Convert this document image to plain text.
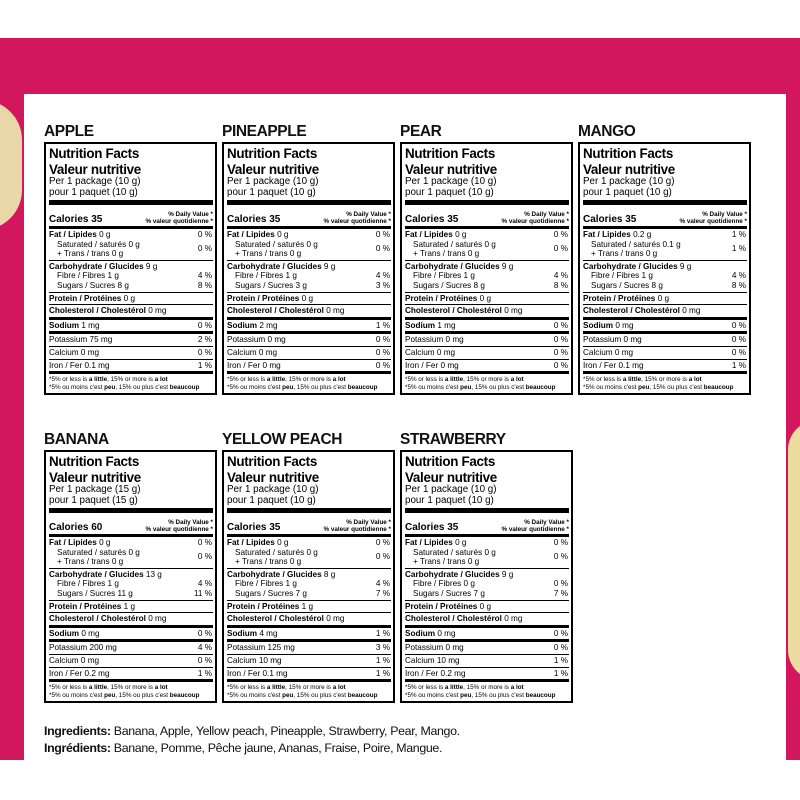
APPLE
Nutrition Facts
Valeur nutritive
Per 1 package (10 g)
pour 1 paquet (10 g)
Calories 35	% Daily Value *
% valeur quotidienne *
Fat / Lipides 0 g	0 %
Saturated / saturés 0 g
+ Trans / trans 0 g
0 %
Carbohydrate / Glucides 9 g
Fibre / Fibres 1 g	4 %
Sugars / Sucres 8 g	8 %
Protein / Protéines 0 g
Cholesterol / Cholestérol 0 mg
Sodium 1 mg	0 %
Potassium 75 mg	2 %
Calcium 0 mg	0 %
Iron / Fer 0.1 mg	1 %
*5% or less is a little, 15% or more is a lot
*5% ou moins c'est peu, 15% ou plus c'est beaucoup
PINEAPPLE
Nutrition Facts
Valeur nutritive
Per 1 package (10 g)
pour 1 paquet (10 g)
Calories 35	% Daily Value *
% valeur quotidienne *
Fat / Lipides 0 g	0 %
Saturated / saturés 0 g
+ Trans / trans 0 g
0 %
Carbohydrate / Glucides 9 g
Fibre / Fibres 1 g	4 %
Sugars / Sucres 3 g	3 %
Protein / Protéines 0 g
Cholesterol / Cholestérol 0 mg
Sodium 2 mg	1 %
Potassium 0 mg	0 %
Calcium 0 mg	0 %
Iron / Fer 0 mg	0 %
*5% or less is a little, 15% or more is a lot
*5% ou moins c'est peu, 15% ou plus c'est beaucoup
PEAR
Nutrition Facts
Valeur nutritive
Per 1 package (10 g)
pour 1 paquet (10 g)
Calories 35	% Daily Value *
% valeur quotidienne *
Fat / Lipides 0 g	0 %
Saturated / saturés 0 g
+ Trans / trans 0 g
0 %
Carbohydrate / Glucides 9 g
Fibre / Fibres 1 g	4 %
Sugars / Sucres 8 g	8 %
Protein / Protéines 0 g
Cholesterol / Cholestérol 0 mg
Sodium 1 mg	0 %
Potassium 0 mg	0 %
Calcium 0 mg	0 %
Iron / Fer 0 mg	0 %
*5% or less is a little, 15% or more is a lot
*5% ou moins c'est peu, 15% ou plus c'est beaucoup
MANGO
Nutrition Facts
Valeur nutritive
Per 1 package (10 g)
pour 1 paquet (10 g)
Calories 35	% Daily Value *
% valeur quotidienne *
Fat / Lipides 0.2 g	1 %
Saturated / saturés 0.1 g
+ Trans / trans 0 g
1 %
Carbohydrate / Glucides 9 g
Fibre / Fibres 1 g	4 %
Sugars / Sucres 8 g	8 %
Protein / Protéines 0 g
Cholesterol / Cholestérol 0 mg
Sodium 0 mg	0 %
Potassium 0 mg	0 %
Calcium 0 mg	0 %
Iron / Fer 0.1 mg	1 %
*5% or less is a little, 15% or more is a lot
*5% ou moins c'est peu, 15% ou plus c'est beaucoup
BANANA
Nutrition Facts
Valeur nutritive
Per 1 package (15 g)
pour 1 paquet (15 g)
Calories 60	% Daily Value *
% valeur quotidienne *
Fat / Lipides 0 g	0 %
Saturated / saturés 0 g
+ Trans / trans 0 g
0 %
Carbohydrate / Glucides 13 g
Fibre / Fibres 1 g	4 %
Sugars / Sucres 11 g	11 %
Protein / Protéines 1 g
Cholesterol / Cholestérol 0 mg
Sodium 0 mg	0 %
Potassium 200 mg	4 %
Calcium 0 mg	0 %
Iron / Fer 0.2 mg	1 %
*5% or less is a little, 15% or more is a lot
*5% ou moins c'est peu, 15% ou plus c'est beaucoup
YELLOW PEACH
Nutrition Facts
Valeur nutritive
Per 1 package (10 g)
pour 1 paquet (10 g)
Calories 35	% Daily Value *
% valeur quotidienne *
Fat / Lipides 0 g	0 %
Saturated / saturés 0 g
+ Trans / trans 0 g
0 %
Carbohydrate / Glucides 8 g
Fibre / Fibres 1 g	4 %
Sugars / Sucres 7 g	7 %
Protein / Protéines 1 g
Cholesterol / Cholestérol 0 mg
Sodium 4 mg	1 %
Potassium 125 mg	3 %
Calcium 10 mg	1 %
Iron / Fer 0.1 mg	1 %
*5% or less is a little, 15% or more is a lot
*5% ou moins c'est peu, 15% ou plus c'est beaucoup
STRAWBERRY
Nutrition Facts
Valeur nutritive
Per 1 package (10 g)
pour 1 paquet (10 g)
Calories 35	% Daily Value *
% valeur quotidienne *
Fat / Lipides 0 g	0 %
Saturated / saturés 0 g
+ Trans / trans 0 g
0 %
Carbohydrate / Glucides 9 g
Fibre / Fibres 0 g	0 %
Sugars / Sucres 7 g	7 %
Protein / Protéines 0 g
Cholesterol / Cholestérol 0 mg
Sodium 0 mg	0 %
Potassium 0 mg	0 %
Calcium 10 mg	1 %
Iron / Fer 0.2 mg	1 %
*5% or less is a little, 15% or more is a lot
*5% ou moins c'est peu, 15% ou plus c'est beaucoup
Ingredients: Banana, Apple, Yellow peach, Pineapple, Strawberry, Pear, Mango.
Ingrédients: Banane, Pomme, Pêche jaune, Ananas, Fraise, Poire, Mangue.
